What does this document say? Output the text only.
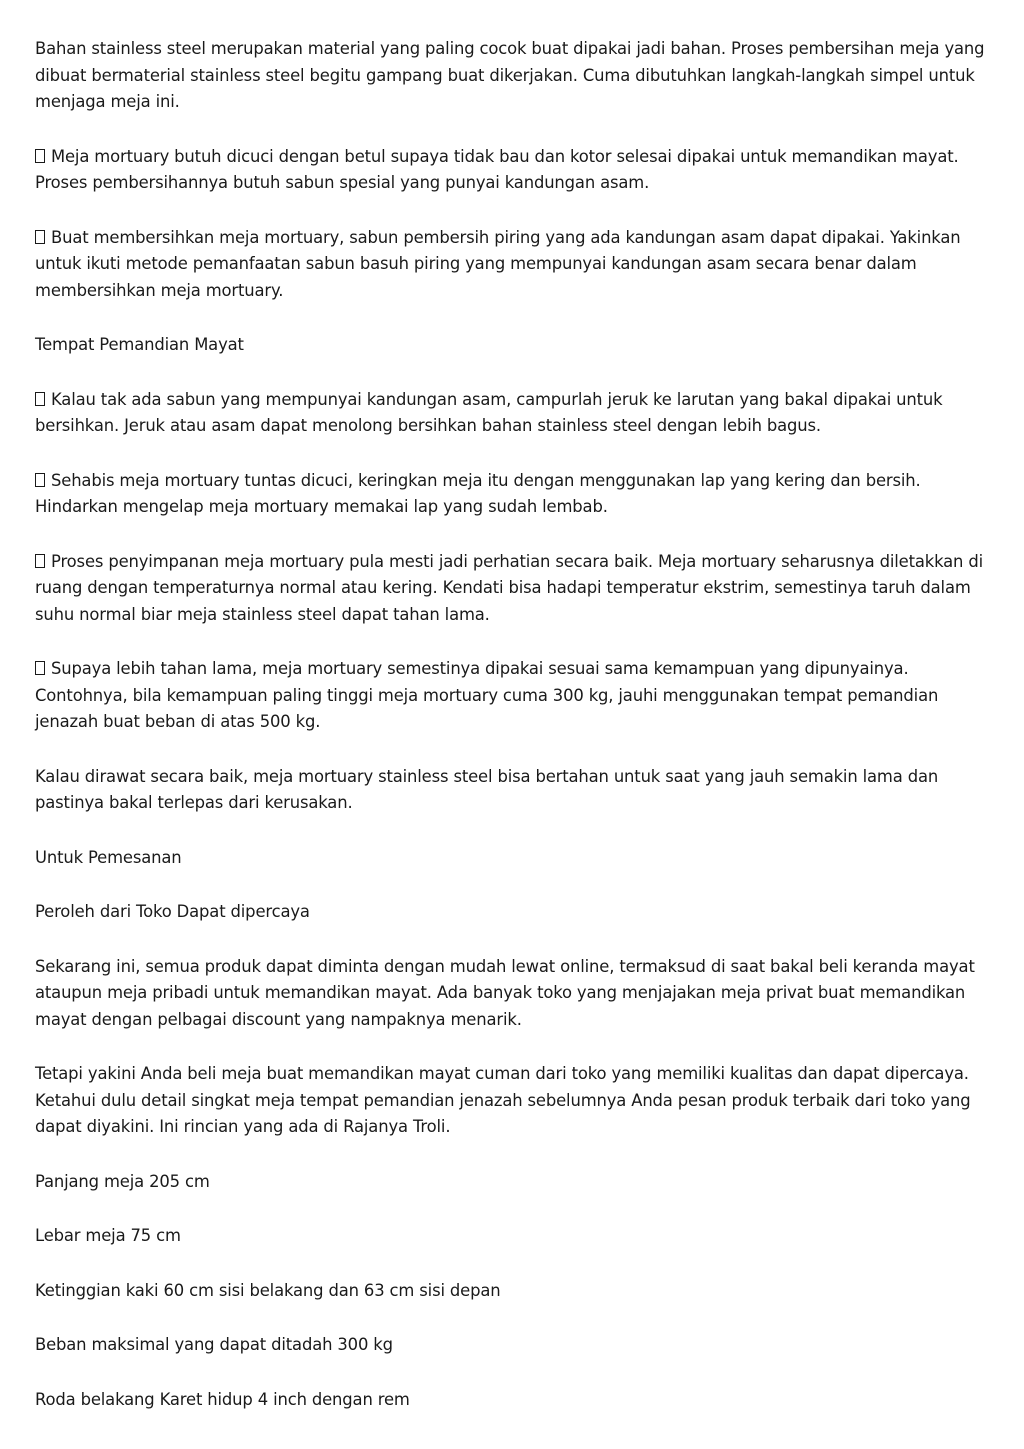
Bahan stainless steel merupakan material yang paling cocok buat dipakai jadi bahan. Proses pembersihan meja yang dibuat bermaterial stainless steel begitu gampang buat dikerjakan. Cuma dibutuhkan langkah-langkah simpel untuk menjaga meja ini.

Meja mortuary butuh dicuci dengan betul supaya tidak bau dan kotor selesai dipakai untuk memandikan mayat. Proses pembersihannya butuh sabun spesial yang punyai kandungan asam.

Buat membersihkan meja mortuary, sabun pembersih piring yang ada kandungan asam dapat dipakai. Yakinkan untuk ikuti metode pemanfaatan sabun basuh piring yang mempunyai kandungan asam secara benar dalam membersihkan meja mortuary.

Tempat Pemandian Mayat

Kalau tak ada sabun yang mempunyai kandungan asam, campurlah jeruk ke larutan yang bakal dipakai untuk bersihkan. Jeruk atau asam dapat menolong bersihkan bahan stainless steel dengan lebih bagus.

Sehabis meja mortuary tuntas dicuci, keringkan meja itu dengan menggunakan lap yang kering dan bersih. Hindarkan mengelap meja mortuary memakai lap yang sudah lembab.

Proses penyimpanan meja mortuary pula mesti jadi perhatian secara baik. Meja mortuary seharusnya diletakkan di ruang dengan temperaturnya normal atau kering. Kendati bisa hadapi temperatur ekstrim, semestinya taruh dalam suhu normal biar meja stainless steel dapat tahan lama.

Supaya lebih tahan lama, meja mortuary semestinya dipakai sesuai sama kemampuan yang dipunyainya. Contohnya, bila kemampuan paling tinggi meja mortuary cuma 300 kg, jauhi menggunakan tempat pemandian jenazah buat beban di atas 500 kg.

Kalau dirawat secara baik, meja mortuary stainless steel bisa bertahan untuk saat yang jauh semakin lama dan pastinya bakal terlepas dari kerusakan.

Untuk Pemesanan

Peroleh dari Toko Dapat dipercaya

Sekarang ini, semua produk dapat diminta dengan mudah lewat online, termaksud di saat bakal beli keranda mayat ataupun meja pribadi untuk memandikan mayat. Ada banyak toko yang menjajakan meja privat buat memandikan mayat dengan pelbagai discount yang nampaknya menarik.

Tetapi yakini Anda beli meja buat memandikan mayat cuman dari toko yang memiliki kualitas dan dapat dipercaya. Ketahui dulu detail singkat meja tempat pemandian jenazah sebelumnya Anda pesan produk terbaik dari toko yang dapat diyakini. Ini rincian yang ada di Rajanya Troli.

Panjang meja 205 cm

Lebar meja 75 cm

Ketinggian kaki 60 cm sisi belakang dan 63 cm sisi depan

Beban maksimal yang dapat ditadah 300 kg

Roda belakang Karet hidup 4 inch dengan rem
